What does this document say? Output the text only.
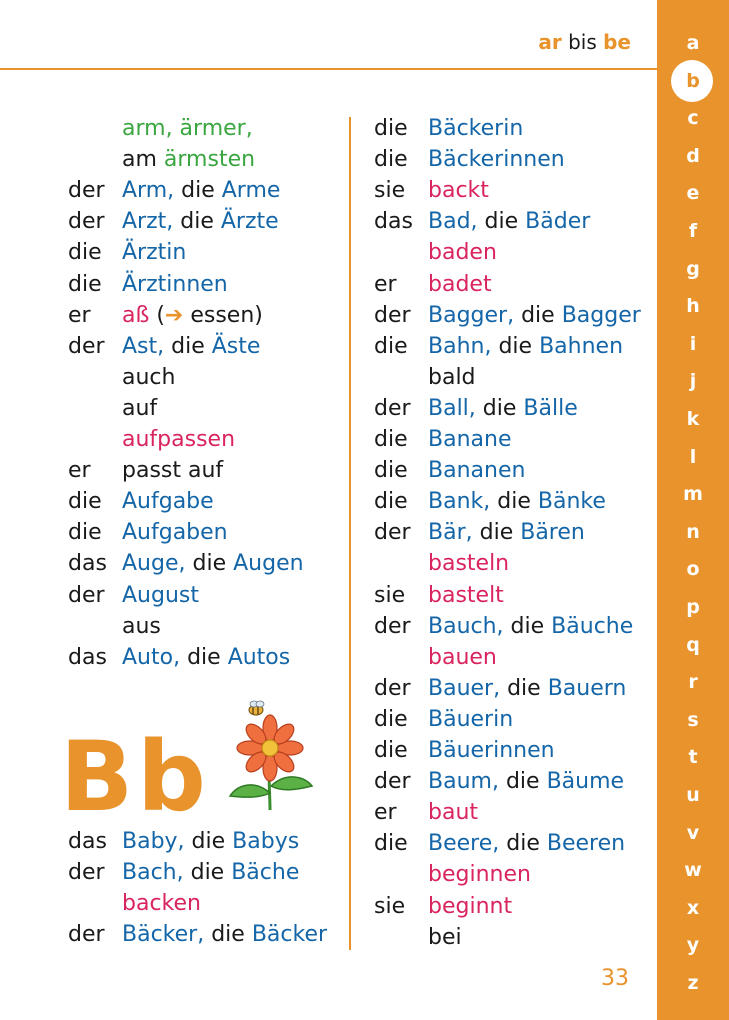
ar bis be	a
b
c
d
e
f
g
h
i
j
k
l
m
n
o
p
q
r
s
t
u
v
w
x
y
z
arm, ärmer,
am ärmsten
der Arm, die Arme
der Arzt, die Ärzte
die Ärztin
die Ärztinnen
er aß (➔ essen)
der Ast, die Äste
auch
auf
aufpassen
er passt auf
die Aufgabe
die Aufgaben
das Auge, die Augen
der August
aus
das Auto, die Autos
das Baby, die Babys
der Bach, die Bäche
backen
der Bäcker, die Bäcker
die Bäckerin
die Bäckerinnen
sie backt
das Bad, die Bäder
baden
er badet
der Bagger, die Bagger
die Bahn, die Bahnen
bald
der Ball, die Bälle
die Banane
die Bananen
die Bank, die Bänke
der Bär, die Bären
basteln
sie bastelt
der Bauch, die Bäuche
bauen
der Bauer, die Bauern
die Bäuerin
die Bäuerinnen
der Baum, die Bäume
er baut
die Beere, die Beeren
beginnen
sie beginnt
bei
Bb
33
